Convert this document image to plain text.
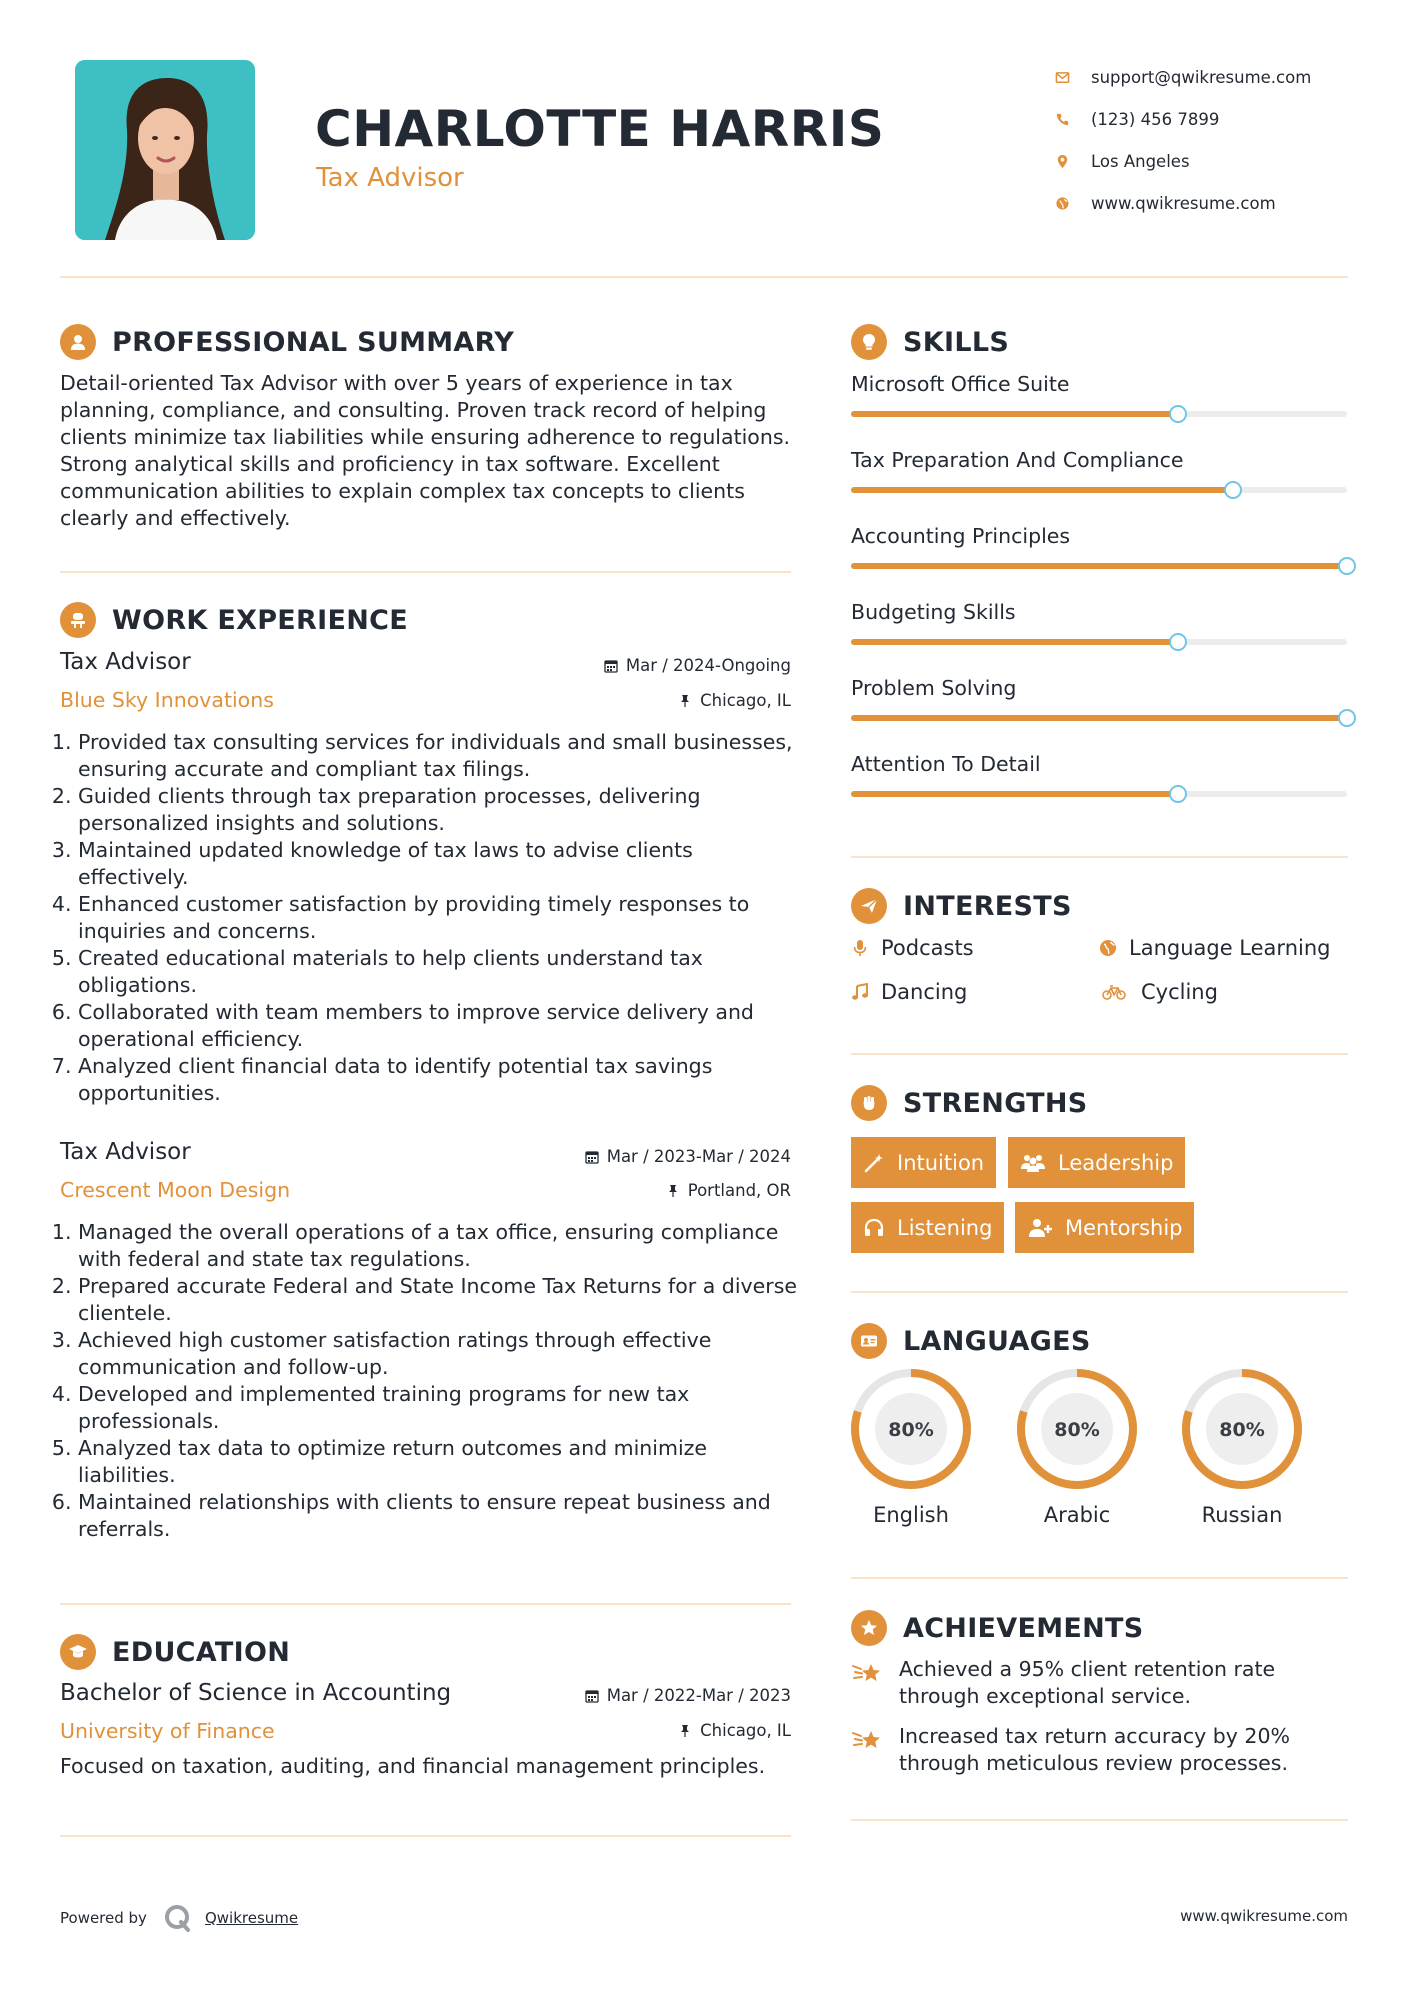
CHARLOTTE HARRIS
Tax Advisor
support@qwikresume.com
(123) 456 7899
Los Angeles
www.qwikresume.com
PROFESSIONAL SUMMARY
Detail-oriented Tax Advisor with over 5 years of experience in tax planning, compliance, and consulting. Proven track record of helping clients minimize tax liabilities while ensuring adherence to regulations. Strong analytical skills and proficiency in tax software. Excellent communication abilities to explain complex tax concepts to clients clearly and effectively.
WORK EXPERIENCE
Tax Advisor	Mar / 2024-Ongoing
Blue Sky Innovations	Chicago, IL
1. Provided tax consulting services for individuals and small businesses, ensuring accurate and compliant tax filings.
2. Guided clients through tax preparation processes, delivering personalized insights and solutions.
3. Maintained updated knowledge of tax laws to advise clients effectively.
4. Enhanced customer satisfaction by providing timely responses to inquiries and concerns.
5. Created educational materials to help clients understand tax obligations.
6. Collaborated with team members to improve service delivery and operational efficiency.
7. Analyzed client financial data to identify potential tax savings opportunities.
Tax Advisor	Mar / 2023-Mar / 2024
Crescent Moon Design	Portland, OR
1. Managed the overall operations of a tax office, ensuring compliance with federal and state tax regulations.
2. Prepared accurate Federal and State Income Tax Returns for a diverse clientele.
3. Achieved high customer satisfaction ratings through effective communication and follow-up.
4. Developed and implemented training programs for new tax professionals.
5. Analyzed tax data to optimize return outcomes and minimize liabilities.
6. Maintained relationships with clients to ensure repeat business and referrals.
EDUCATION
Bachelor of Science in Accounting	Mar / 2022-Mar / 2023
University of Finance	Chicago, IL
Focused on taxation, auditing, and financial management principles.
SKILLS
Microsoft Office Suite
Tax Preparation And Compliance
Accounting Principles
Budgeting Skills
Problem Solving
Attention To Detail
INTERESTS
Podcasts	Language Learning
Dancing	Cycling
STRENGTHS
Intuition	Leadership
Listening	Mentorship
LANGUAGES
80%
English
80%
Arabic
80%
Russian
ACHIEVEMENTS
Achieved a 95% client retention rate through exceptional service.
Increased tax return accuracy by 20% through meticulous review processes.
Powered by	Qwikresume	www.qwikresume.com
